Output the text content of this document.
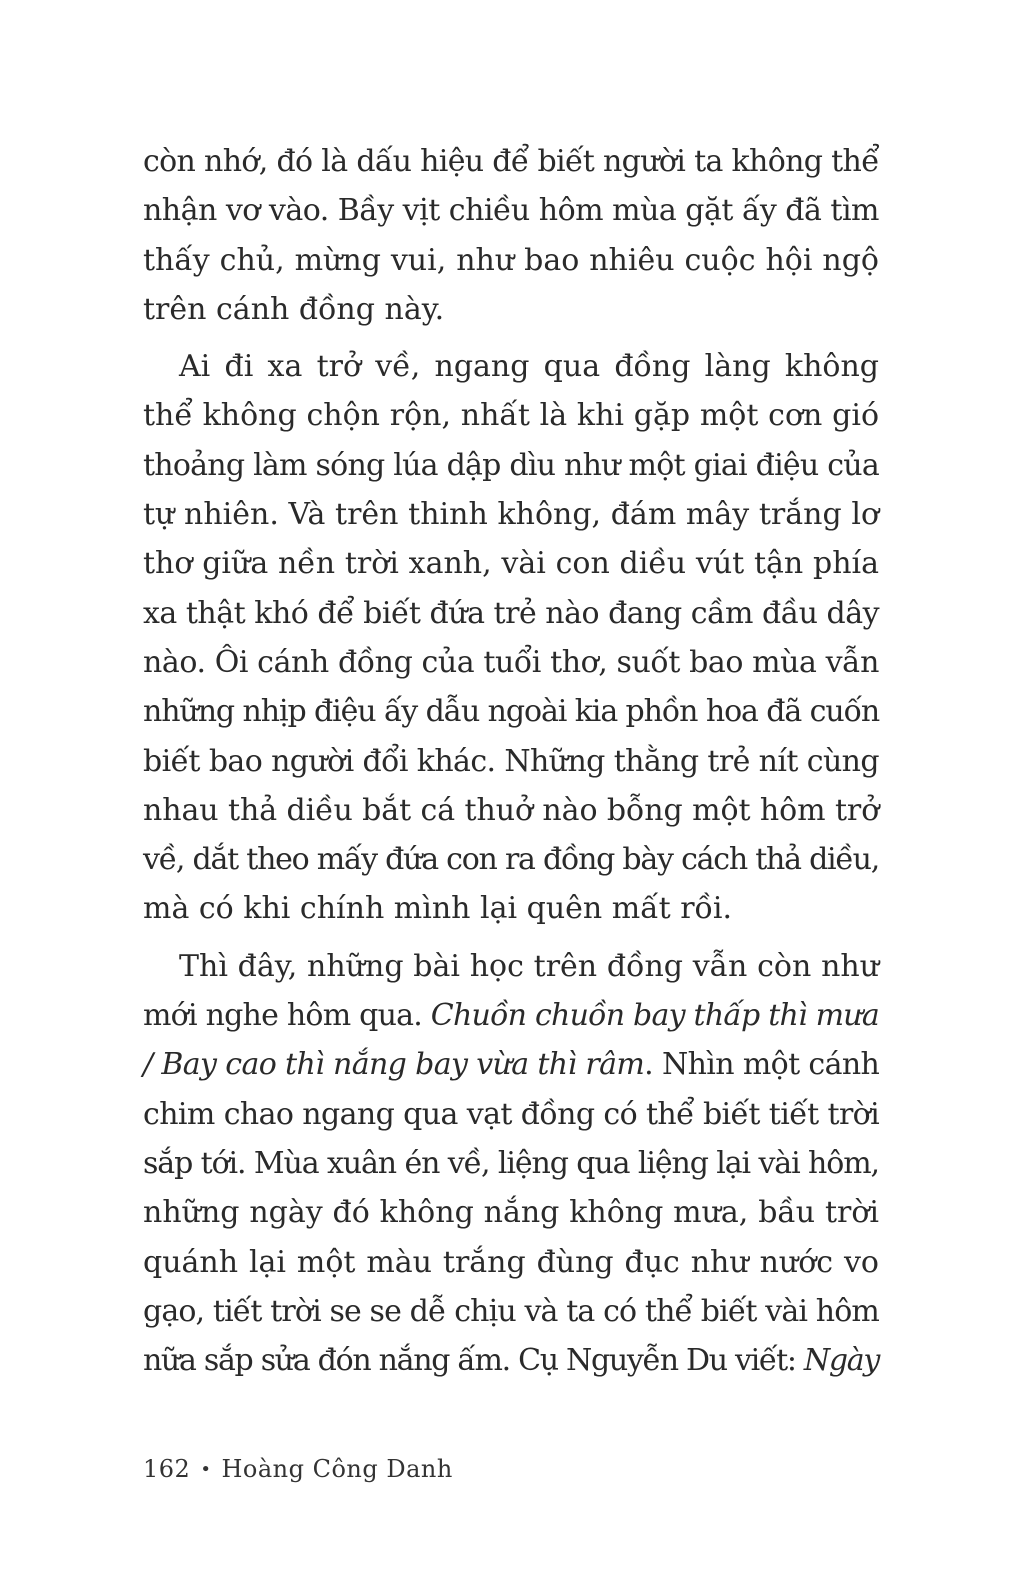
còn nhớ, đó là dấu hiệu để biết người ta không thể
nhận vơ vào. Bầy vịt chiều hôm mùa gặt ấy đã tìm
thấy chủ, mừng vui, như bao nhiêu cuộc hội ngộ
trên cánh đồng này.
Ai đi xa trở về, ngang qua đồng làng không
thể không chộn rộn, nhất là khi gặp một cơn gió
thoảng làm sóng lúa dập dìu như một giai điệu của
tự nhiên. Và trên thinh không, đám mây trắng lơ
thơ giữa nền trời xanh, vài con diều vút tận phía
xa thật khó để biết đứa trẻ nào đang cầm đầu dây
nào. Ôi cánh đồng của tuổi thơ, suốt bao mùa vẫn
những nhịp điệu ấy dẫu ngoài kia phồn hoa đã cuốn
biết bao người đổi khác. Những thằng trẻ nít cùng
nhau thả diều bắt cá thuở nào bỗng một hôm trở
về, dắt theo mấy đứa con ra đồng bày cách thả diều,
mà có khi chính mình lại quên mất rồi.
Thì đây, những bài học trên đồng vẫn còn như
mới nghe hôm qua. Chuồn chuồn bay thấp thì mưa
/ Bay cao thì nắng bay vừa thì râm. Nhìn một cánh
chim chao ngang qua vạt đồng có thể biết tiết trời
sắp tới. Mùa xuân én về, liệng qua liệng lại vài hôm,
những ngày đó không nắng không mưa, bầu trời
quánh lại một màu trắng đùng đục như nước vo
gạo, tiết trời se se dễ chịu và ta có thể biết vài hôm
nữa sắp sửa đón nắng ấm. Cụ Nguyễn Du viết: Ngày
162 • Hoàng Công Danh
